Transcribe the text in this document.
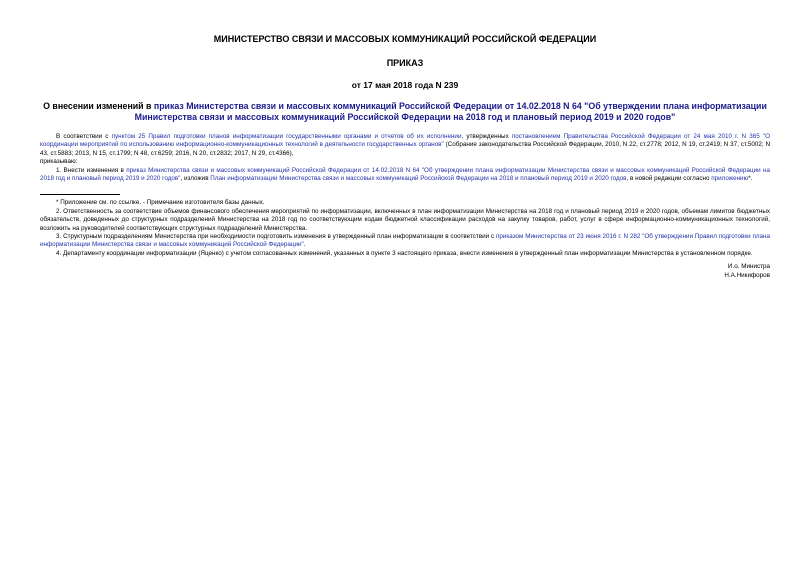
МИНИСТЕРСТВО СВЯЗИ И МАССОВЫХ КОММУНИКАЦИЙ РОССИЙСКОЙ ФЕДЕРАЦИИ
ПРИКАЗ
от 17 мая 2018 года N 239
О внесении изменений в приказ Министерства связи и массовых коммуникаций Российской Федерации от 14.02.2018 N 64 "Об утверждении плана информатизации Министерства связи и массовых коммуникаций Российской Федерации на 2018 год и плановый период 2019 и 2020 годов"

В соответствии с пунктом 25 Правил подготовки планов информатизации государственными органами и отчетов об их исполнении, утвержденных постановлением Правительства Российской Федерации от 24 мая 2010 г. N 365 "О координации мероприятий по использованию информационно-коммуникационных технологий в деятельности государственных органов" (Собрание законодательства Российской Федерации, 2010, N 22, ст.2778; 2012, N 19, ст.2419; N 37, ст.5002; N 43, ст.5883; 2013, N 15, ст.1799; N 48, ст.6259; 2016, N 20, ст.2832; 2017, N 29, ст.4366),

приказываю:

1. Внести изменения в приказ Министерства связи и массовых коммуникаций Российской Федерации от 14.02.2018 N 64 "Об утверждении плана информатизации Министерства связи и массовых коммуникаций Российской Федерации на 2018 год и плановый период 2019 и 2020 годов", изложив План информатизации Министерства связи и массовых коммуникаций Российской Федерации на 2018 и плановый период 2019 и 2020 годов, в новой редакции согласно приложению*.

* Приложение см. по ссылке. - Примечание изготовителя базы данных.

2. Ответственность за соответствие объемов финансового обеспечения мероприятий по информатизации, включенных в план информатизации Министерства на 2018 год и плановый период 2019 и 2020 годов, объемам лимитов бюджетных обязательств, доведенных до структурных подразделений Министерства на 2018 год по соответствующим кодам бюджетной классификации расходов на закупку товаров, работ, услуг в сфере информационно-коммуникационных технологий, возложить на руководителей соответствующих структурных подразделений Министерства.

3. Структурным подразделениям Министерства при необходимости подготовить изменения в утвержденный план информатизации в соответствии с приказом Министерства от 23 июня 2016 г. N 282 "Об утверждении Правил подготовки плана информатизации Министерства связи и массовых коммуникаций Российской Федерации".

4. Департаменту координации информатизации (Яценко) с учетом согласованных изменений, указанных в пункте 3 настоящего приказа, внести изменения в утвержденный план информатизации Министерства в установленном порядке.

И.о. Министра
Н.А.Никифоров
